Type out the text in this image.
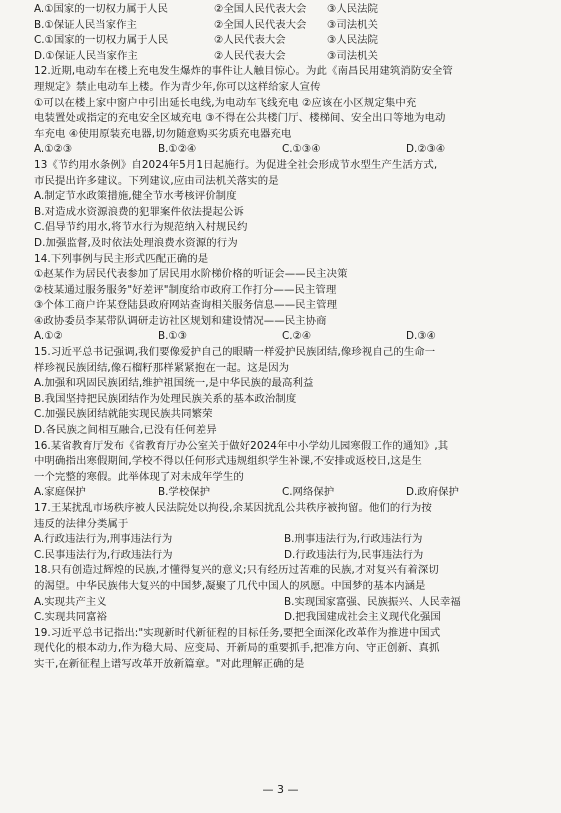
A.①国家的一切权力属于人民	②全国人民代表大会	③人民法院
B.①保证人民当家作主	②全国人民代表大会	③司法机关
C.①国家的一切权力属于人民	②人民代表大会	③人民法院
D.①保证人民当家作主	②人民代表大会	③司法机关
12.近期,电动车在楼上充电发生爆炸的事件让人触目惊心。为此《南昌民用建筑消防安全管
理规定》禁止电动车上楼。作为青少年,你可以这样给家人宣传
①可以在楼上家中窗户中引出延长电线,为电动车飞线充电 ②应该在小区规定集中充
电装置处或指定的充电安全区域充电 ③不得在公共楼门厅、楼梯间、安全出口等地为电动
车充电 ④使用原装充电器,切勿随意购买劣质充电器充电
A.①②③	B.①②④	C.①③④	D.②③④
13《节约用水条例》自2024年5月1日起施行。为促进全社会形成节水型生产生活方式,
市民提出许多建议。下列建议,应由司法机关落实的是
A.制定节水政策措施,健全节水考核评价制度
B.对造成水资源浪费的犯罪案件依法提起公诉
C.倡导节约用水,将节水行为规范纳入村规民约
D.加强监督,及时依法处理浪费水资源的行为
14.下列事例与民主形式匹配正确的是
①赵某作为居民代表参加了居民用水阶梯价格的听证会——民主决策
②枝某通过服务服务"好差评"制度给市政府工作打分——民主管理
③个体工商户许某登陆县政府网站查询相关服务信息——民主管理
④政协委员李某带队调研走访社区规划和建设情况——民主协商
A.①②	B.①③	C.②④	D.③④
15.习近平总书记强调,我们要像爱护自己的眼睛一样爱护民族团结,像珍视自己的生命一
样珍视民族团结,像石榴籽那样紧紧抱在一起。这是因为
A.加强和巩固民族团结,维护祖国统一,是中华民族的最高利益
B.我国坚持把民族团结作为处理民族关系的基本政治制度
C.加强民族团结就能实现民族共同繁荣
D.各民族之间相互融合,已没有任何差异
16.某省教育厅发布《省教育厅办公室关于做好2024年中小学幼儿园寒假工作的通知》,其
中明确指出寒假期间,学校不得以任何形式违规组织学生补课,不安排或返校日,这是生
一个完整的寒假。此举体现了对未成年学生的
A.家庭保护	B.学校保护	C.网络保护	D.政府保护
17.王某扰乱市场秩序被人民法院处以拘役,余某因扰乱公共秩序被拘留。他们的行为按
违反的法律分类属于
A.行政违法行为,刑事违法行为	B.刑事违法行为,行政违法行为
C.民事违法行为,行政违法行为	D.行政违法行为,民事违法行为
18.只有创造过辉煌的民族,才懂得复兴的意义;只有经历过苦难的民族,才对复兴有着深切
的渴望。中华民族伟大复兴的中国梦,凝聚了几代中国人的夙愿。中国梦的基本内涵是
A.实现共产主义	B.实现国家富强、民族振兴、人民幸福
C.实现共同富裕	D.把我国建成社会主义现代化强国
19.习近平总书记指出:"实现新时代新征程的目标任务,要把全面深化改革作为推进中国式
现代化的根本动力,作为稳大局、应变局、开新局的重要抓手,把准方向、守正创新、真抓
实干,在新征程上谱写改革开放新篇章。"对此理解正确的是
— 3 —
